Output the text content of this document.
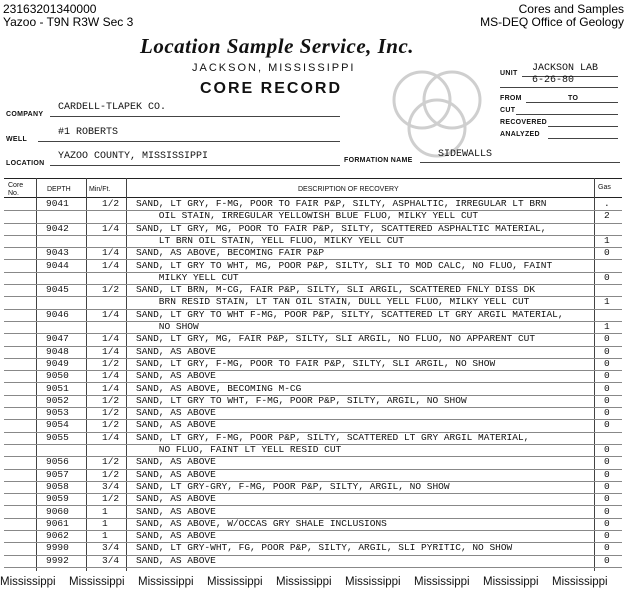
23163201340000
Yazoo - T9N R3W Sec 3
Cores and Samples
MS-DEQ Office of Geology
Location Sample Service, Inc.
JACKSON, MISSISSIPPI
CORE RECORD
UNIT JACKSON LAB
6-26-80
FROM	TO
CUT
RECOVERED
ANALYZED
COMPANY
CARDELL-TLAPEK CO.
WELL
#1 ROBERTS
LOCATION
YAZOO COUNTY, MISSISSIPPI	FORMATION NAME
SIDEWALLS
Core
No.
DEPTH	Min/Ft.	DESCRIPTION OF RECOVERY	Gas
9041	1/2 SAND, LT GRY, F-MG, POOR TO FAIR P&P, SILTY, ASPHALTIC, IRREGULAR LT BRN	.
OIL STAIN, IRREGULAR YELLOWISH BLUE FLUO, MILKY YELL CUT	2
9042	1/4 SAND, LT GRY, MG, POOR TO FAIR P&P, SILTY, SCATTERED ASPHALTIC MATERIAL,
LT BRN OIL STAIN, YELL FLUO, MILKY YELL CUT	1
9043	1/4 SAND, AS ABOVE, BECOMING FAIR P&P	0
9044	1/4 SAND, LT GRY TO WHT, MG, POOR P&P, SILTY, SLI TO MOD CALC, NO FLUO, FAINT
MILKY YELL CUT	0
9045	1/2 SAND, LT BRN, M-CG, FAIR P&P, SILTY, SLI ARGIL, SCATTERED FNLY DISS DK
BRN RESID STAIN, LT TAN OIL STAIN, DULL YELL FLUO, MILKY YELL CUT	1
9046	1/4 SAND, LT GRY TO WHT F-MG, POOR P&P, SILTY, SCATTERED LT GRY ARGIL MATERIAL,
NO SHOW	1
9047	1/4 SAND, LT GRY, MG, FAIR P&P, SILTY, SLI ARGIL, NO FLUO, NO APPARENT CUT	0
9048	1/4 SAND, AS ABOVE	0
9049	1/2 SAND, LT GRY, F-MG, POOR TO FAIR P&P, SILTY, SLI ARGIL, NO SHOW	0
9050	1/4 SAND, AS ABOVE	0
9051	1/4 SAND, AS ABOVE, BECOMING M-CG	0
9052	1/2 SAND, LT GRY TO WHT, F-MG, POOR P&P, SILTY, ARGIL, NO SHOW	0
9053	1/2 SAND, AS ABOVE	0
9054	1/2 SAND, AS ABOVE	0
9055	1/4 SAND, LT GRY, F-MG, POOR P&P, SILTY, SCATTERED LT GRY ARGIL MATERIAL,
NO FLUO, FAINT LT YELL RESID CUT	0
9056	1/2 SAND, AS ABOVE	0
9057	1/2 SAND, AS ABOVE	0
9058	3/4 SAND, LT GRY-GRY, F-MG, POOR P&P, SILTY, ARGIL, NO SHOW	0
9059	1/2 SAND, AS ABOVE	0
9060	1	SAND, AS ABOVE	0
9061	1	SAND, AS ABOVE, W/OCCAS GRY SHALE INCLUSIONS	0
9062	1	SAND, AS ABOVE	0
9990	3/4 SAND, LT GRY-WHT, FG, POOR P&P, SILTY, ARGIL, SLI PYRITIC, NO SHOW	0
9992	3/4 SAND, AS ABOVE	0
Mississippi	Mississippi	Mississippi	Mississippi	Mississippi	Mississippi	Mississippi	Mississippi	Mississippi
